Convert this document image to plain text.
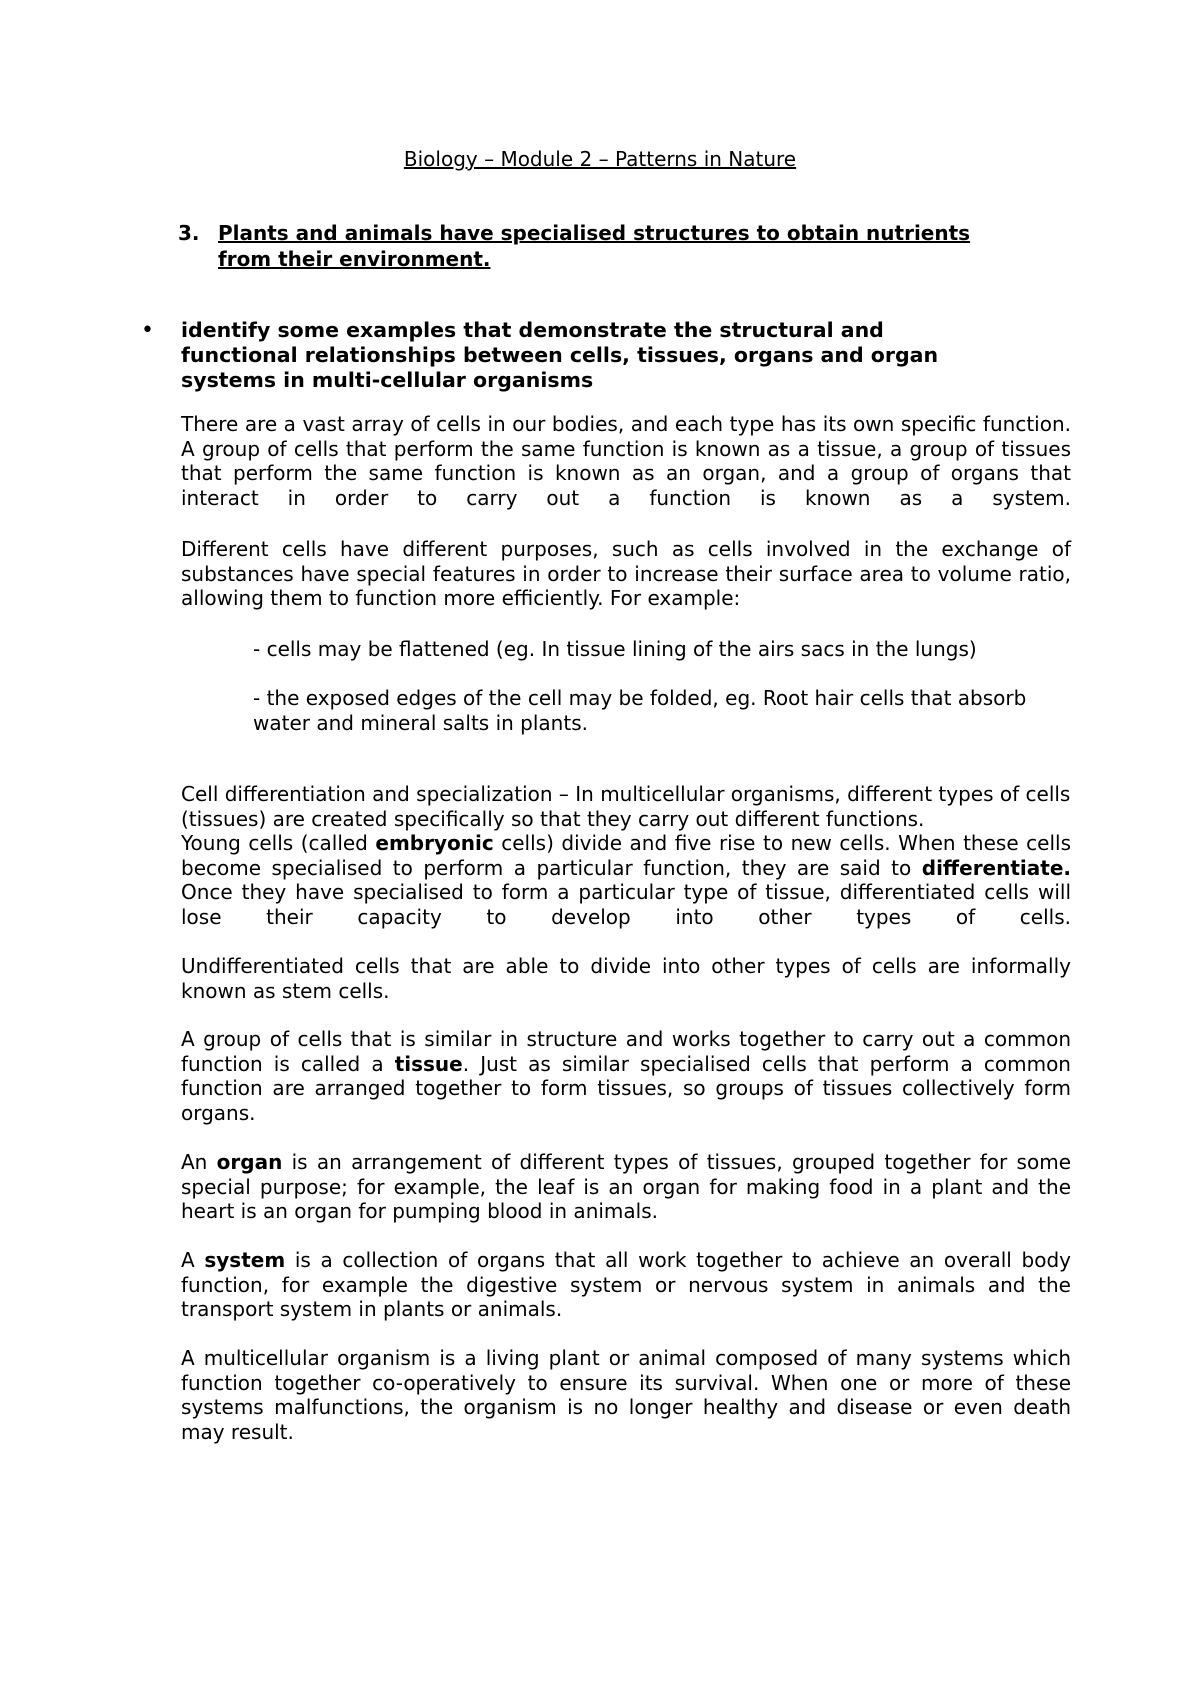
Biology – Module 2 – Patterns in Nature
3. Plants and animals have specialised structures to obtain nutrients from their environment.
• identify some examples that demonstrate the structural and functional relationships between cells, tissues, organs and organ systems in multi-cellular organisms

There are a vast array of cells in our bodies, and each type has its own specific function. A group of cells that perform the same function is known as a tissue, a group of tissues that perform the same function is known as an organ, and a group of organs that interact in order to carry out a function is known as a system.

Different cells have different purposes, such as cells involved in the exchange of substances have special features in order to increase their surface area to volume ratio, allowing them to function more efficiently. For example:

- cells may be flattened (eg. In tissue lining of the airs sacs in the lungs)

- the exposed edges of the cell may be folded, eg. Root hair cells that absorb water and mineral salts in plants.

Cell differentiation and specialization – In multicellular organisms, different types of cells (tissues) are created specifically so that they carry out different functions.

Young cells (called embryonic cells) divide and five rise to new cells. When these cells become specialised to perform a particular function, they are said to differentiate. Once they have specialised to form a particular type of tissue, differentiated cells will lose their capacity to develop into other types of cells.

Undifferentiated cells that are able to divide into other types of cells are informally known as stem cells.

A group of cells that is similar in structure and works together to carry out a common function is called a tissue. Just as similar specialised cells that perform a common function are arranged together to form tissues, so groups of tissues collectively form organs.

An organ is an arrangement of different types of tissues, grouped together for some special purpose; for example, the leaf is an organ for making food in a plant and the heart is an organ for pumping blood in animals.

A system is a collection of organs that all work together to achieve an overall body function, for example the digestive system or nervous system in animals and the transport system in plants or animals.

A multicellular organism is a living plant or animal composed of many systems which function together co-operatively to ensure its survival. When one or more of these systems malfunctions, the organism is no longer healthy and disease or even death may result.
